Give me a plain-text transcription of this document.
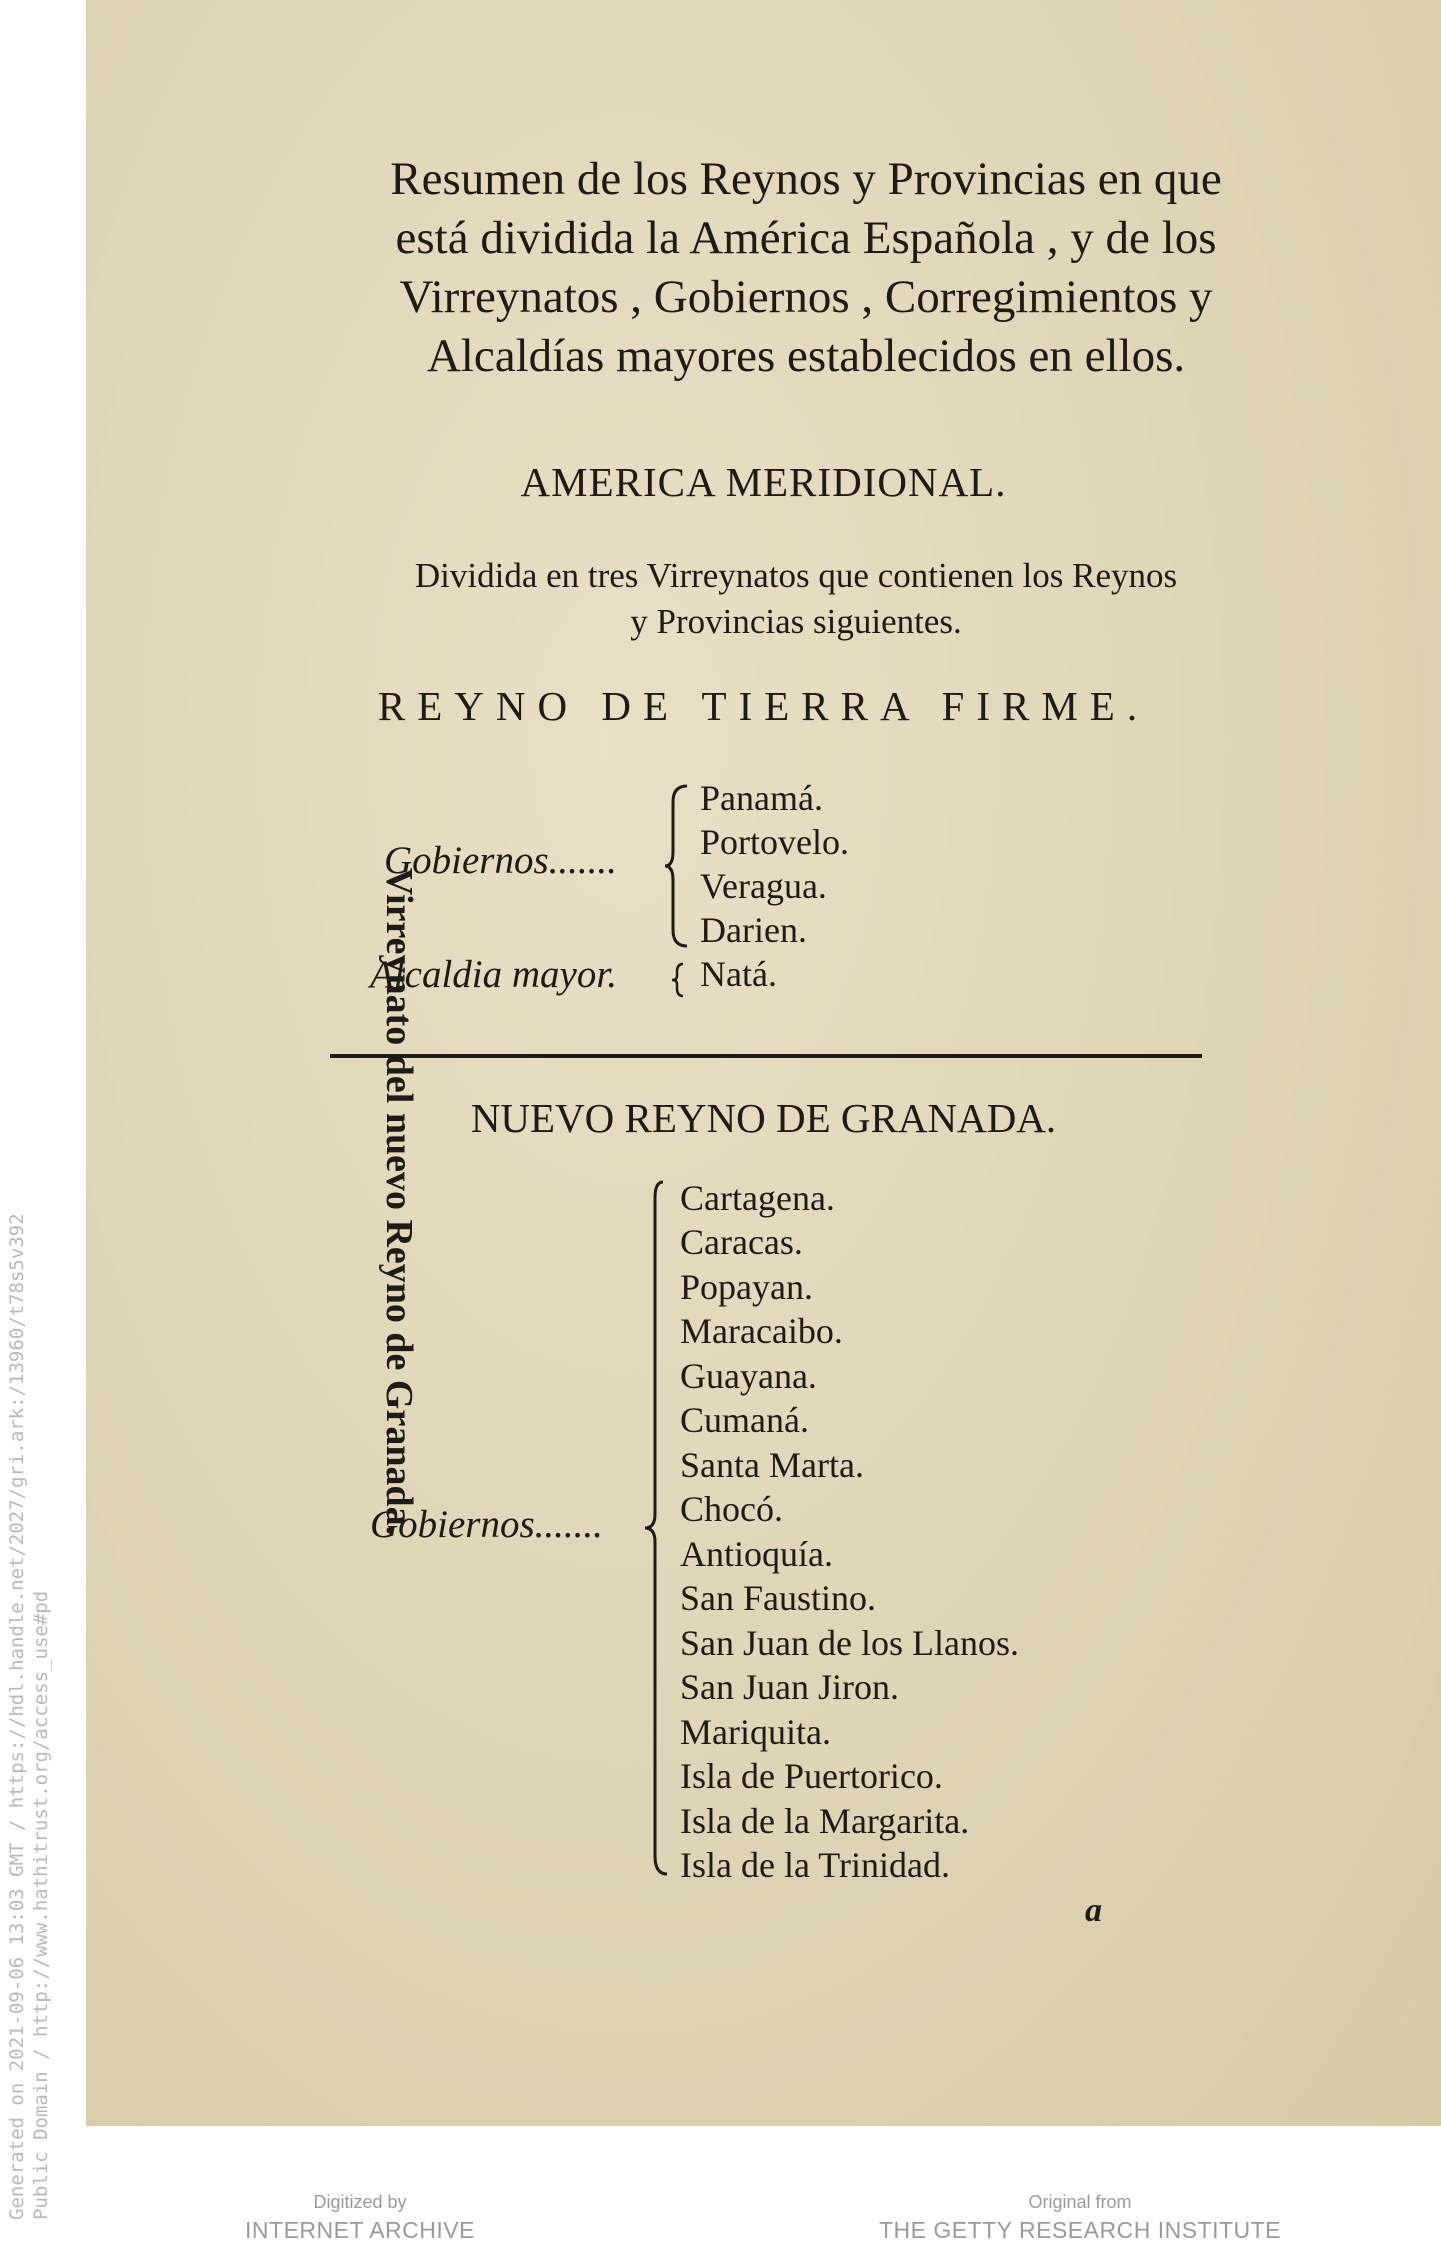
Generated on 2021-09-06 13:03 GMT / https://hdl.handle.net/2027/gri.ark:/13960/t78s5v392 Public Domain / http://www.hathitrust.org/access_use#pd
Resumen de los Reynos y Provincias en que
está dividida la América Española , y de los
Virreynatos , Gobiernos , Corregimientos y
Alcaldías mayores establecidos en ellos.
AMERICA MERIDIONAL.
Dividida en tres Virreynatos que contienen los Reynos
y Provincias siguientes.
REYNO DE TIERRA FIRME.
Gobiernos.......
Panamá.
Portovelo.
Veragua.
Darien.
Alcaldia mayor. Natá.
Virreynato del nuevo Reyno de Granada.	NUEVO REYNO DE GRANADA.
Gobiernos.......
Cartagena.
Caracas.
Popayan.
Maracaibo.
Guayana.
Cumaná.
Santa Marta.
Chocó.
Antioquía.
San Faustino.
San Juan de los Llanos.
San Juan Jiron.
Mariquita.
Isla de Puertorico.
Isla de la Margarita.
Isla de la Trinidad.
a
Digitized by
INTERNET ARCHIVE
Original from
THE GETTY RESEARCH INSTITUTE
